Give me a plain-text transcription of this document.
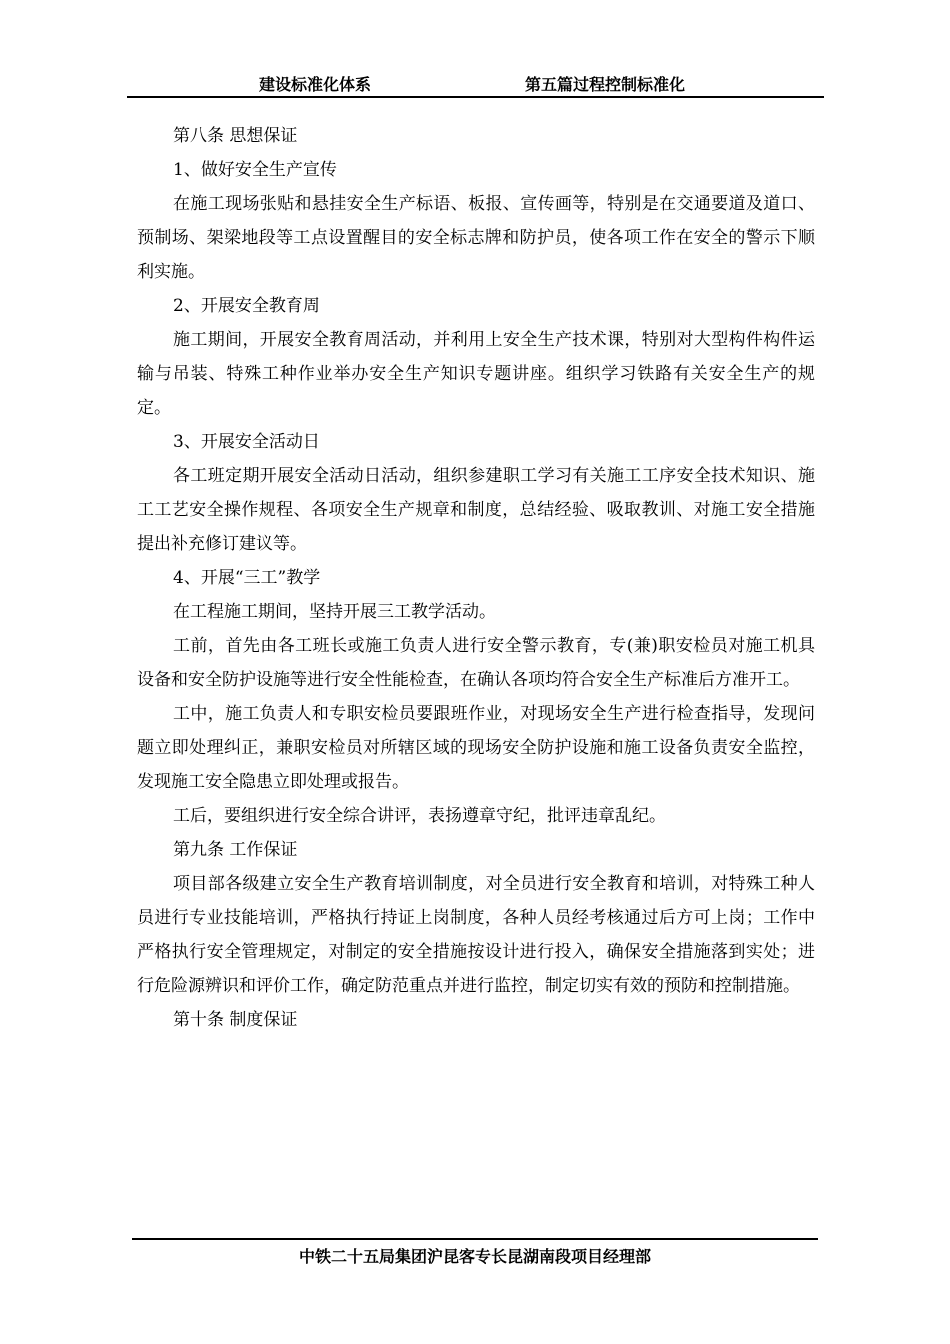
建设标准化体系	第五篇过程控制标准化

第八条 思想保证

1、做好安全生产宣传

在施工现场张贴和悬挂安全生产标语、板报、宣传画等，特别是在交通要道及道口、预制场、架梁地段等工点设置醒目的安全标志牌和防护员，使各项工作在安全的警示下顺利实施。

2、开展安全教育周

施工期间，开展安全教育周活动，并利用上安全生产技术课，特别对大型构件构件运输与吊装、特殊工种作业举办安全生产知识专题讲座。组织学习铁路有关安全生产的规定。

3、开展安全活动日

各工班定期开展安全活动日活动，组织参建职工学习有关施工工序安全技术知识、施工工艺安全操作规程、各项安全生产规章和制度，总结经验、吸取教训、对施工安全措施提出补充修订建议等。

4、开展“三工”教学

在工程施工期间，坚持开展三工教学活动。

工前，首先由各工班长或施工负责人进行安全警示教育，专(兼)职安检员对施工机具设备和安全防护设施等进行安全性能检查，在确认各项均符合安全生产标准后方准开工。

工中，施工负责人和专职安检员要跟班作业，对现场安全生产进行检查指导，发现问题立即处理纠正，兼职安检员对所辖区域的现场安全防护设施和施工设备负责安全监控，发现施工安全隐患立即处理或报告。

工后，要组织进行安全综合讲评，表扬遵章守纪，批评违章乱纪。

第九条 工作保证

项目部各级建立安全生产教育培训制度，对全员进行安全教育和培训，对特殊工种人员进行专业技能培训，严格执行持证上岗制度，各种人员经考核通过后方可上岗；工作中严格执行安全管理规定，对制定的安全措施按设计进行投入，确保安全措施落到实处；进行危险源辨识和评价工作，确定防范重点并进行监控，制定切实有效的预防和控制措施。

第十条 制度保证

中铁二十五局集团沪昆客专长昆湖南段项目经理部
